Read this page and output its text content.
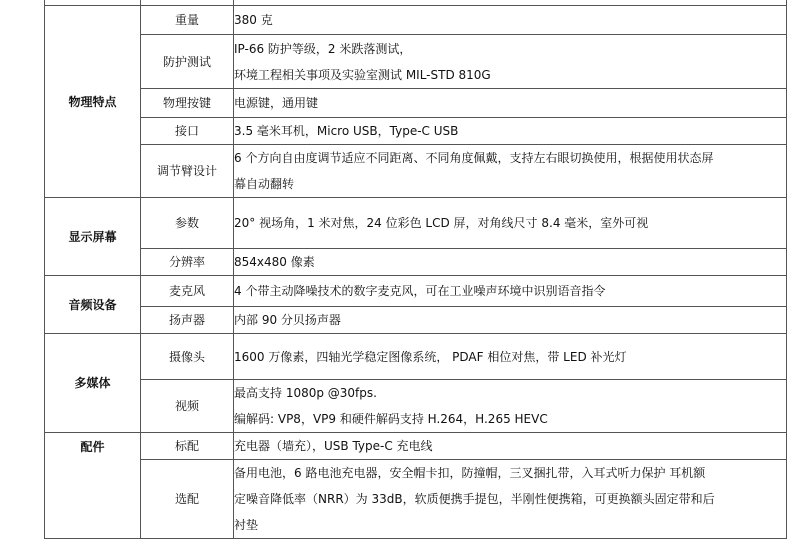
物理特点	重量	380 克

	防护测试	IP-66 防护等级，2 米跌落测试，
环境工程相关事项及实验室测试 MIL-STD 810G

	物理按键	电源键，通用键

	接口	3.5 毫米耳机，Micro USB，Type-C USB

	调节臂设计	6 个方向自由度调节适应不同距离、不同角度佩戴，支持左右眼切换使用，根据使用状态屏
幕自动翻转

显示屏幕	参数	20° 视场角，1 米对焦，24 位彩色 LCD 屏，对角线尺寸 8.4 毫米，室外可视

	分辨率	854x480 像素

音频设备	麦克风	4 个带主动降噪技术的数字麦克风，可在工业噪声环境中识别语音指令

	扬声器	内部 90 分贝扬声器

多媒体	摄像头	1600 万像素，四轴光学稳定图像系统， PDAF 相位对焦，带 LED 补光灯

	视频	最高支持 1080p @30fps.
编解码: VP8，VP9 和硬件解码支持 H.264，H.265 HEVC

配件	标配	充电器（墙充），USB Type-C 充电线

	选配	备用电池，6 路电池充电器，安全帽卡扣，防撞帽，三叉捆扎带，入耳式听力保护 耳机额
定噪音降低率（NRR）为 33dB，软质便携手提包，半刚性便携箱，可更换额头固定带和后
衬垫
